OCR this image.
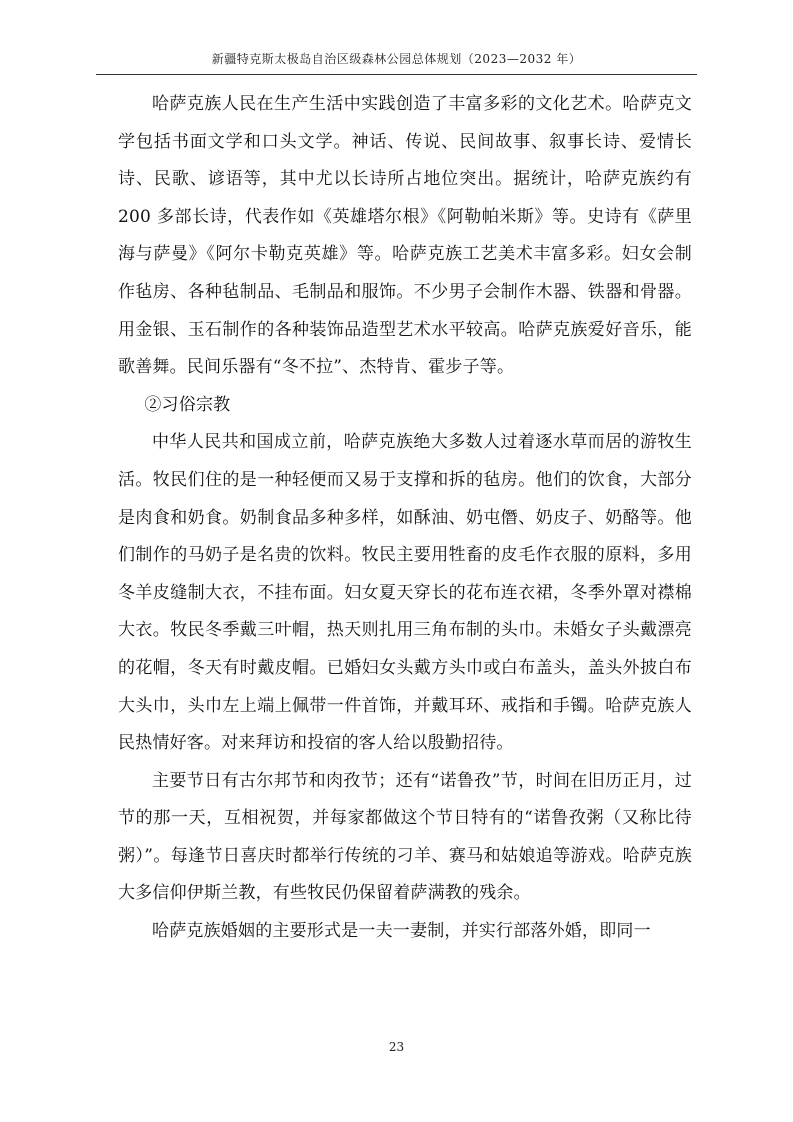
新疆特克斯太极岛自治区级森林公园总体规划（2023—2032 年）

哈萨克族人民在生产生活中实践创造了丰富多彩的文化艺术。哈萨克文学包括书面文学和口头文学。神话、传说、民间故事、叙事长诗、爱情长诗、民歌、谚语等，其中尤以长诗所占地位突出。据统计，哈萨克族约有 200 多部长诗，代表作如《英雄塔尔根》《阿勒帕米斯》等。史诗有《萨里海与萨曼》《阿尔卡勒克英雄》等。哈萨克族工艺美术丰富多彩。妇女会制作毡房、各种毡制品、毛制品和服饰。不少男子会制作木器、铁器和骨器。用金银、玉石制作的各种装饰品造型艺术水平较高。哈萨克族爱好音乐，能歌善舞。民间乐器有“冬不拉”、杰特肯、霍步子等。

②习俗宗教

中华人民共和国成立前，哈萨克族绝大多数人过着逐水草而居的游牧生活。牧民们住的是一种轻便而又易于支撑和拆的毡房。他们的饮食，大部分是肉食和奶食。奶制食品多种多样，如酥油、奶屯僭、奶皮子、奶酪等。他们制作的马奶子是名贵的饮料。牧民主要用牲畜的皮毛作衣服的原料，多用冬羊皮缝制大衣，不挂布面。妇女夏天穿长的花布连衣裙，冬季外罩对襟棉大衣。牧民冬季戴三叶帽，热天则扎用三角布制的头巾。未婚女子头戴漂亮的花帽，冬天有时戴皮帽。已婚妇女头戴方头巾或白布盖头，盖头外披白布大头巾，头巾左上端上佩带一件首饰，并戴耳环、戒指和手镯。哈萨克族人民热情好客。对来拜访和投宿的客人给以殷勤招待。

主要节日有古尔邦节和肉孜节；还有“诺鲁孜”节，时间在旧历正月，过节的那一天，互相祝贺，并每家都做这个节日特有的“诺鲁孜粥（又称比待粥）”。每逢节日喜庆时都举行传统的刁羊、赛马和姑娘追等游戏。哈萨克族大多信仰伊斯兰教，有些牧民仍保留着萨满教的残余。

哈萨克族婚姻的主要形式是一夫一妻制，并实行部落外婚，即同一

23
